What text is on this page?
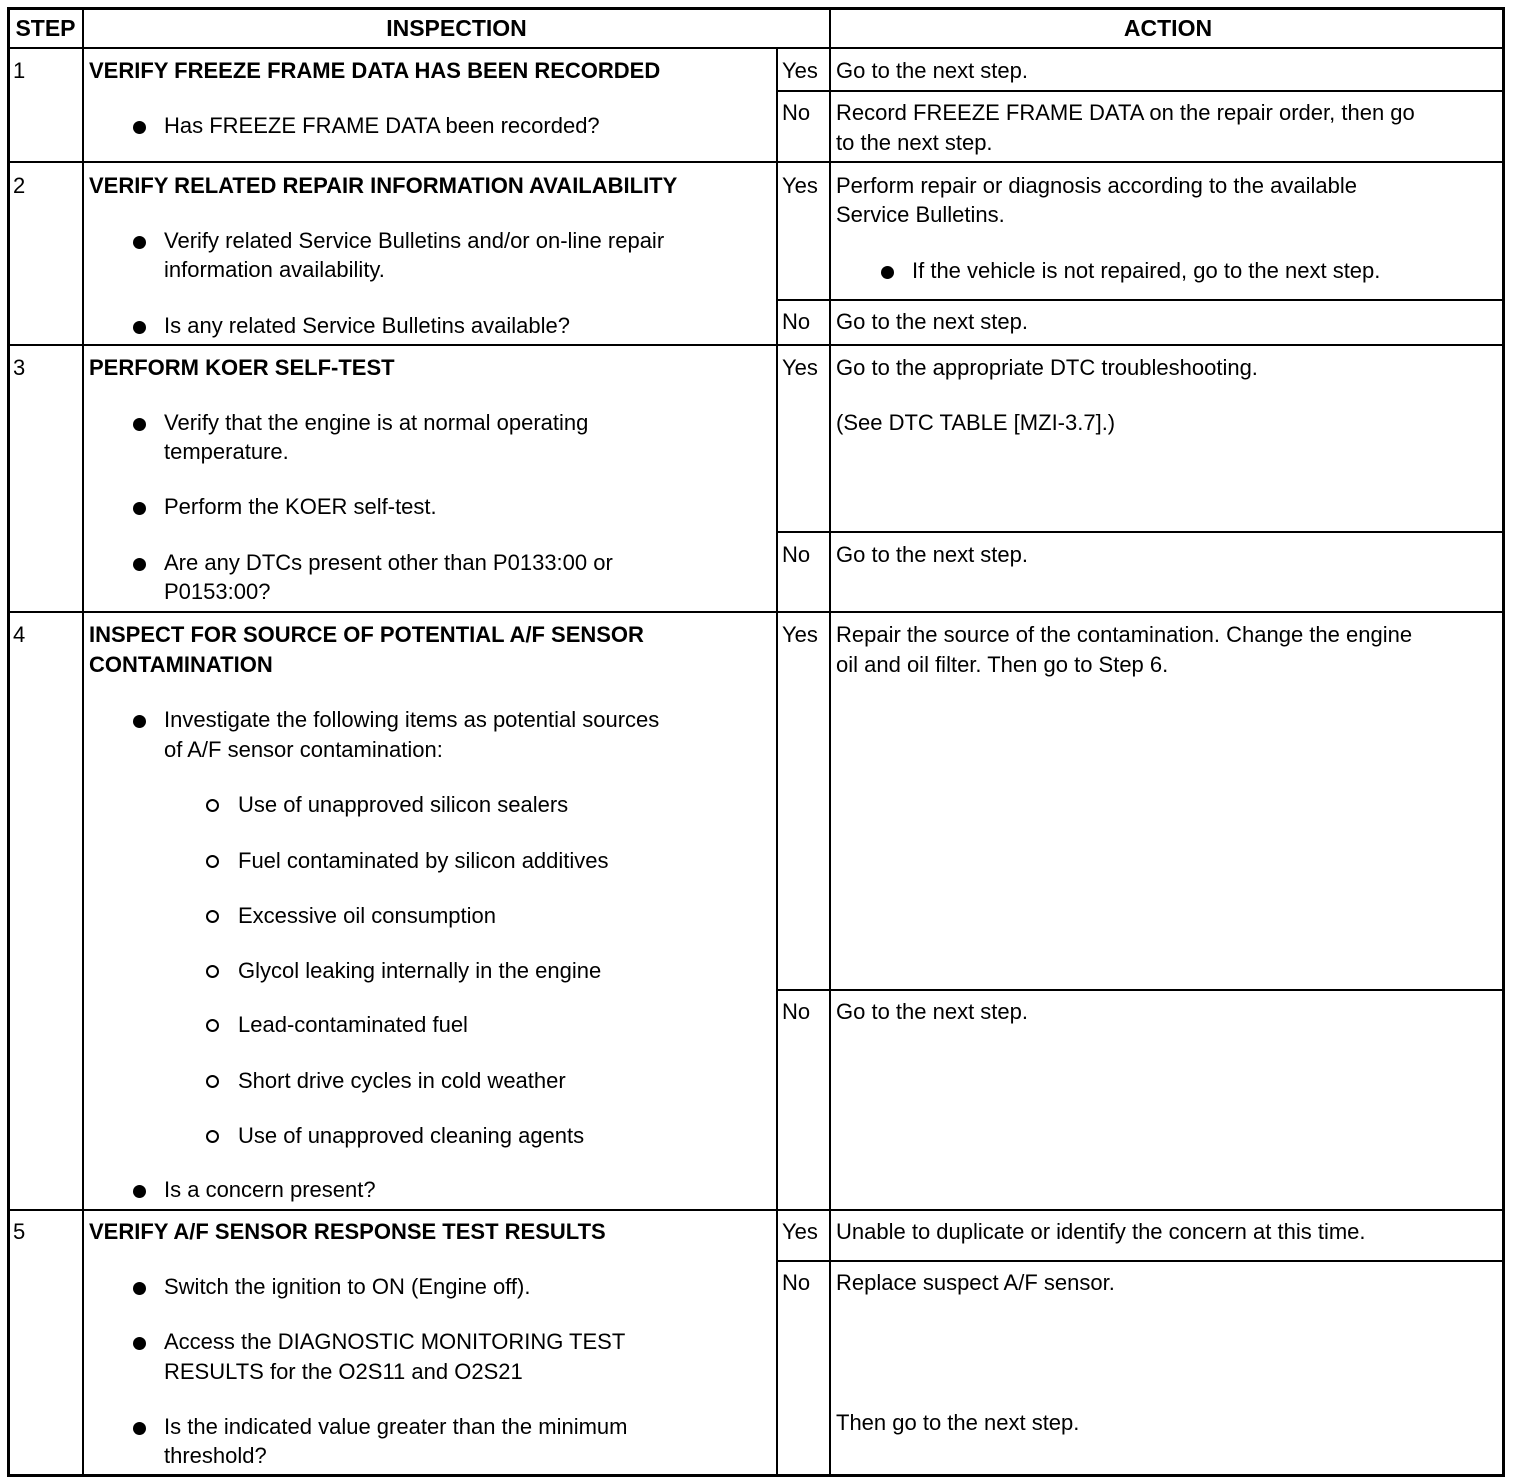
STEP	INSPECTION	ACTION
1	VERIFY FREEZE FRAME DATA HAS BEEN RECORDED
Has FREEZE FRAME DATA been recorded?
Yes Go to the next step.
No Record FREEZE FRAME DATA on the repair order, then go
to the next step.
2	VERIFY RELATED REPAIR INFORMATION AVAILABILITY
Verify related Service Bulletins and/or on-line repair
information availability.
Is any related Service Bulletins available?
Yes Perform repair or diagnosis according to the available
Service Bulletins.
If the vehicle is not repaired, go to the next step.
No Go to the next step.
3	PERFORM KOER SELF-TEST
Verify that the engine is at normal operating
temperature.
Perform the KOER self-test.
Are any DTCs present other than P0133:00 or
P0153:00?
Yes Go to the appropriate DTC troubleshooting.
(See DTC TABLE [MZI-3.7].)
No Go to the next step.
4	INSPECT FOR SOURCE OF POTENTIAL A/F SENSOR
CONTAMINATION
Investigate the following items as potential sources
of A/F sensor contamination:
Use of unapproved silicon sealers
Fuel contaminated by silicon additives
Excessive oil consumption
Glycol leaking internally in the engine
Lead-contaminated fuel
Short drive cycles in cold weather
Use of unapproved cleaning agents
Is a concern present?
Yes Repair the source of the contamination. Change the engine
oil and oil filter. Then go to Step 6.
No Go to the next step.
5	VERIFY A/F SENSOR RESPONSE TEST RESULTS
Switch the ignition to ON (Engine off).
Access the DIAGNOSTIC MONITORING TEST
RESULTS for the O2S11 and O2S21
Is the indicated value greater than the minimum
threshold?
Yes Unable to duplicate or identify the concern at this time.
No Replace suspect A/F sensor.
Then go to the next step.
